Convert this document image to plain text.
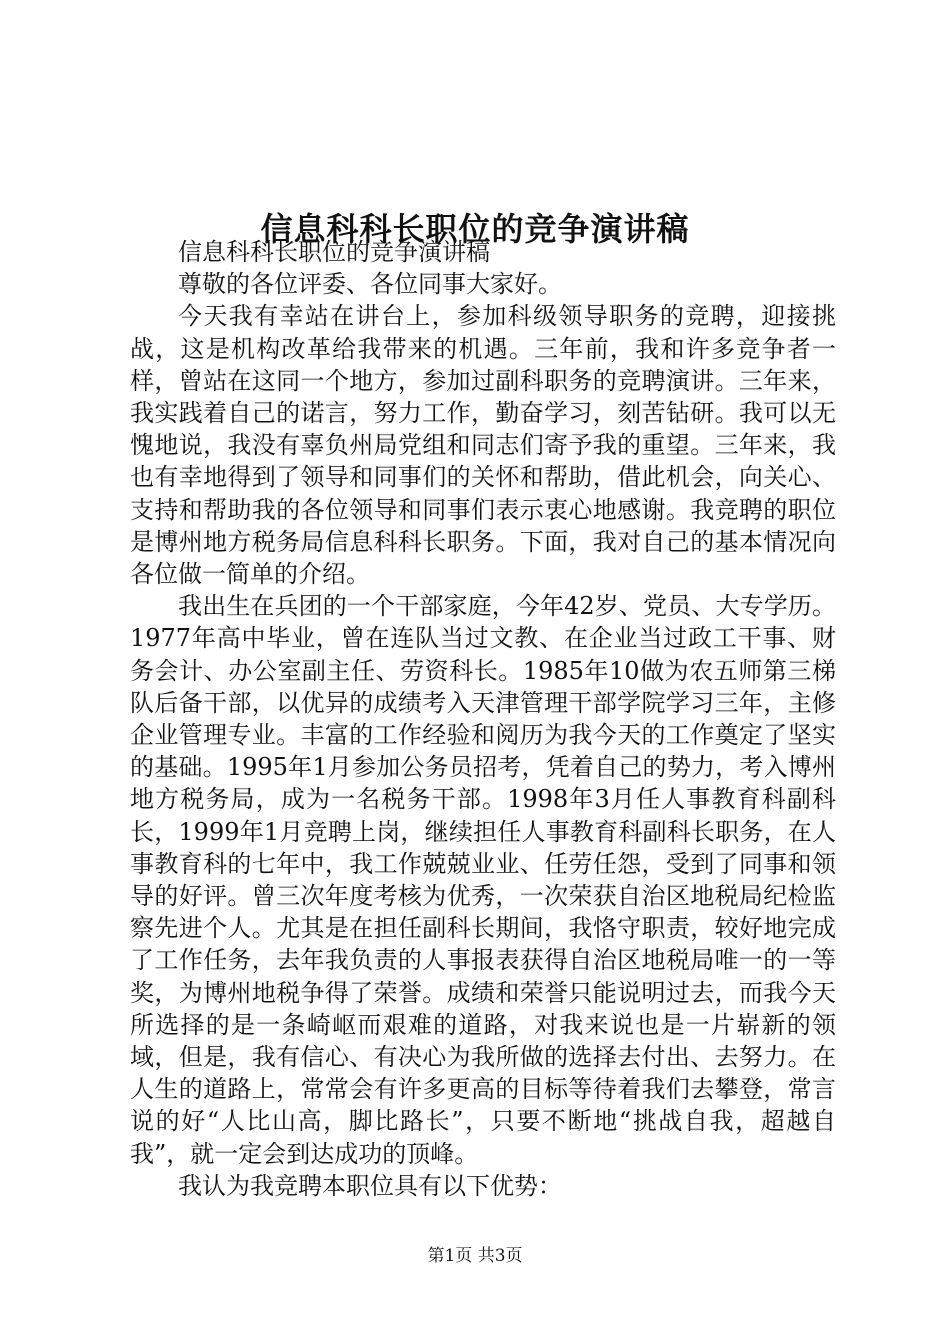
信息科科长职位的竞争演讲稿

信息科科长职位的竞争演讲稿

尊敬的各位评委、各位同事大家好。

今天我有幸站在讲台上，参加科级领导职务的竞聘，迎接挑战，这是机构改革给我带来的机遇。三年前，我和许多竞争者一样，曾站在这同一个地方，参加过副科职务的竞聘演讲。三年来，我实践着自己的诺言，努力工作，勤奋学习，刻苦钻研。我可以无愧地说，我没有辜负州局党组和同志们寄予我的重望。三年来，我也有幸地得到了领导和同事们的关怀和帮助，借此机会，向关心、支持和帮助我的各位领导和同事们表示衷心地感谢。我竞聘的职位是博州地方税务局信息科科长职务。下面，我对自己的基本情况向各位做一简单的介绍。

我出生在兵团的一个干部家庭，今年42岁、党员、大专学历。1977年高中毕业，曾在连队当过文教、在企业当过政工干事、财务会计、办公室副主任、劳资科长。1985年10做为农五师第三梯队后备干部，以优异的成绩考入天津管理干部学院学习三年，主修企业管理专业。丰富的工作经验和阅历为我今天的工作奠定了坚实的基础。1995年1月参加公务员招考，凭着自己的势力，考入博州地方税务局，成为一名税务干部。1998年3月任人事教育科副科长，1999年1月竞聘上岗，继续担任人事教育科副科长职务，在人事教育科的七年中，我工作兢兢业业、任劳任怨，受到了同事和领导的好评。曾三次年度考核为优秀，一次荣获自治区地税局纪检监察先进个人。尤其是在担任副科长期间，我恪守职责，较好地完成了工作任务，去年我负责的人事报表获得自治区地税局唯一的一等奖，为博州地税争得了荣誉。成绩和荣誉只能说明过去，而我今天所选择的是一条崎岖而艰难的道路，对我来说也是一片崭新的领域，但是，我有信心、有决心为我所做的选择去付出、去努力。在人生的道路上，常常会有许多更高的目标等待着我们去攀登，常言说的好“人比山高，脚比路长”，只要不断地“挑战自我，超越自我”，就一定会到达成功的顶峰。

我认为我竞聘本职位具有以下优势：

第1页 共3页
